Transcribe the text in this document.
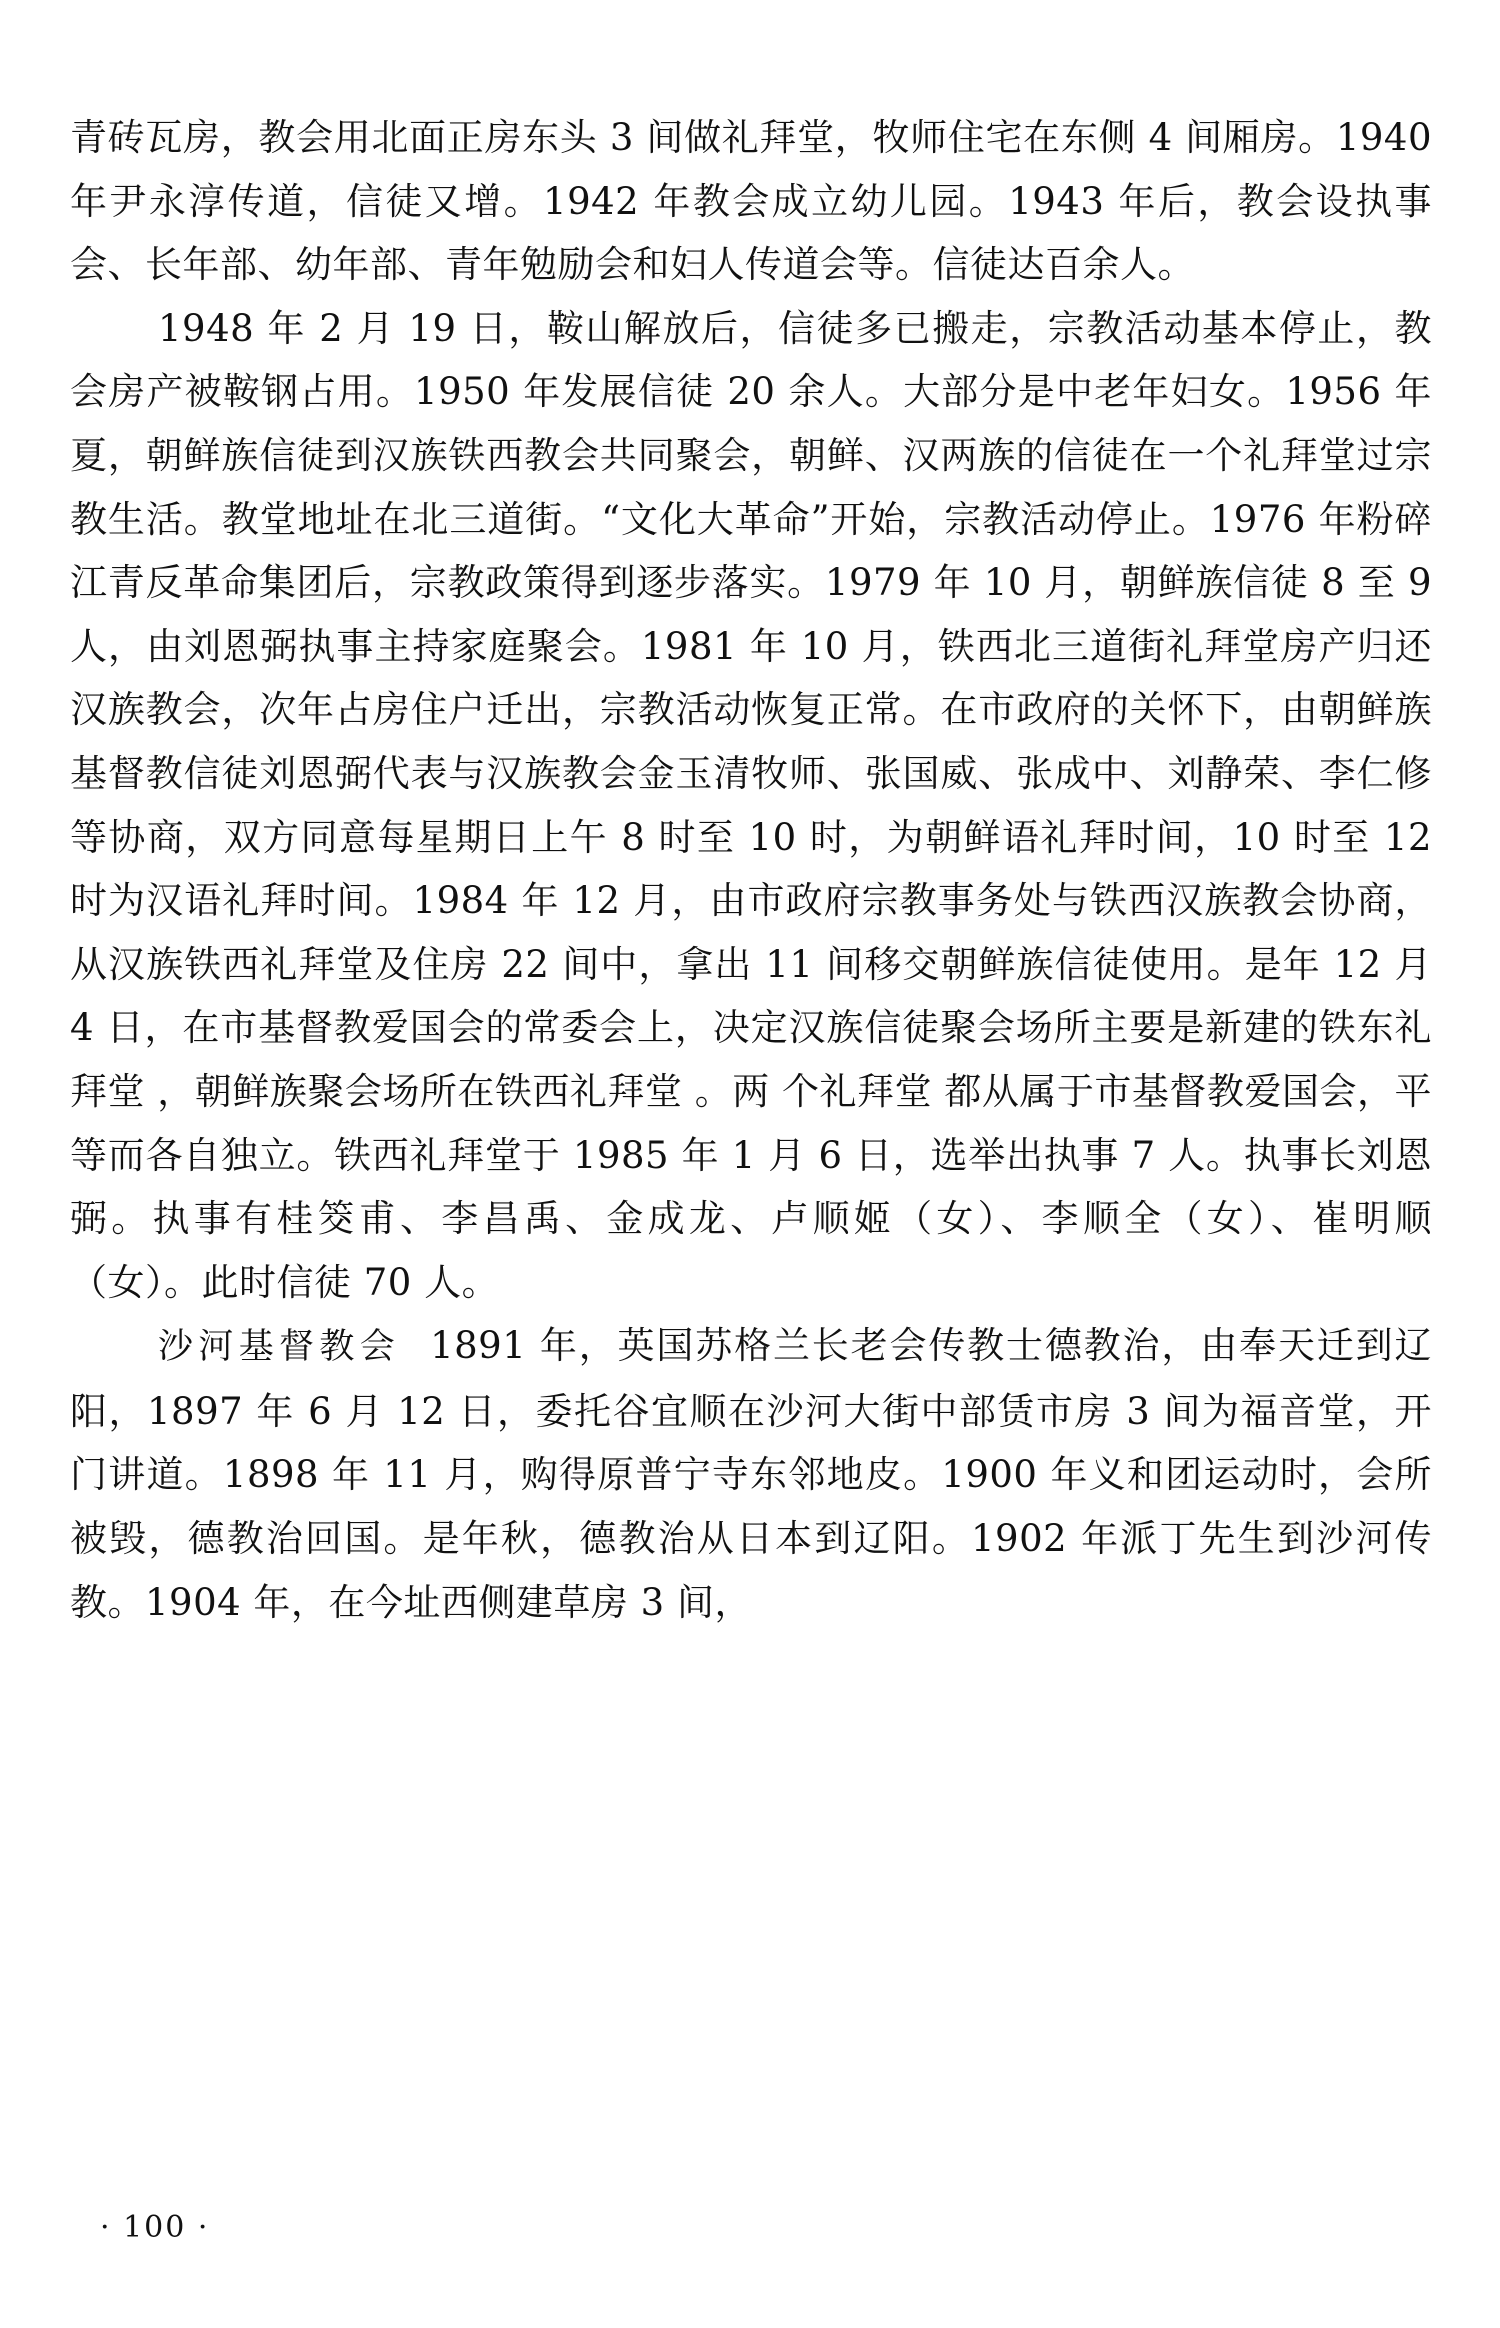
青砖瓦房，教会用北面正房东头 3 间做礼拜堂，牧师住宅在东侧 4 间厢房。1940 年尹永淳传道，信徒又增。1942 年教会成立幼儿园。1943 年后，教会设执事会、长年部、幼年部、青年勉励会和妇人传道会等。信徒达百余人。

1948 年 2 月 19 日，鞍山解放后，信徒多已搬走，宗教活动基本停止，教会房产被鞍钢占用。1950 年发展信徒 20 余人。大部分是中老年妇女。1956 年夏，朝鲜族信徒到汉族铁西教会共同聚会，朝鲜、汉两族的信徒在一个礼拜堂过宗教生活。教堂地址在北三道街。“文化大革命”开始，宗教活动停止。1976 年粉碎江青反革命集团后，宗教政策得到逐步落实。1979 年 10 月，朝鲜族信徒 8 至 9 人，由刘恩弼执事主持家庭聚会。1981 年 10 月，铁西北三道街礼拜堂房产归还汉族教会，次年占房住户迁出，宗教活动恢复正常。在市政府的关怀下，由朝鲜族基督教信徒刘恩弼代表与汉族教会金玉清牧师、张国威、张成中、刘静荣、李仁修等协商，双方同意每星期日上午 8 时至 10 时，为朝鲜语礼拜时间，10 时至 12 时为汉语礼拜时间。1984 年 12 月，由市政府宗教事务处与铁西汉族教会协商，从汉族铁西礼拜堂及住房 22 间中，拿出 11 间移交朝鲜族信徒使用。是年 12 月 4 日，在市基督教爱国会的常委会上，决定汉族信徒聚会场所主要是新建的铁东礼拜堂 ，朝鲜族聚会场所在铁西礼拜堂 。两 个礼拜堂 都从属于市基督教爱国会，平等而各自独立。铁西礼拜堂于 1985 年 1 月 6 日，选举出执事 7 人。执事长刘恩弼。执事有桂筊甫、李昌禹、金成龙、卢顺姬（女）、李顺全（女）、崔明顺（女）。此时信徒 70 人。

沙河基督教会 1891 年，英国苏格兰长老会传教士德教治，由奉天迁到辽阳，1897 年 6 月 12 日，委托谷宜顺在沙河大街中部赁市房 3 间为福音堂，开门讲道。1898 年 11 月，购得原普宁寺东邻地皮。1900 年义和团运动时，会所被毁，德教治回国。是年秋，德教治从日本到辽阳。1902 年派丁先生到沙河传教。1904 年，在今址西侧建草房 3 间，

· 100 ·
